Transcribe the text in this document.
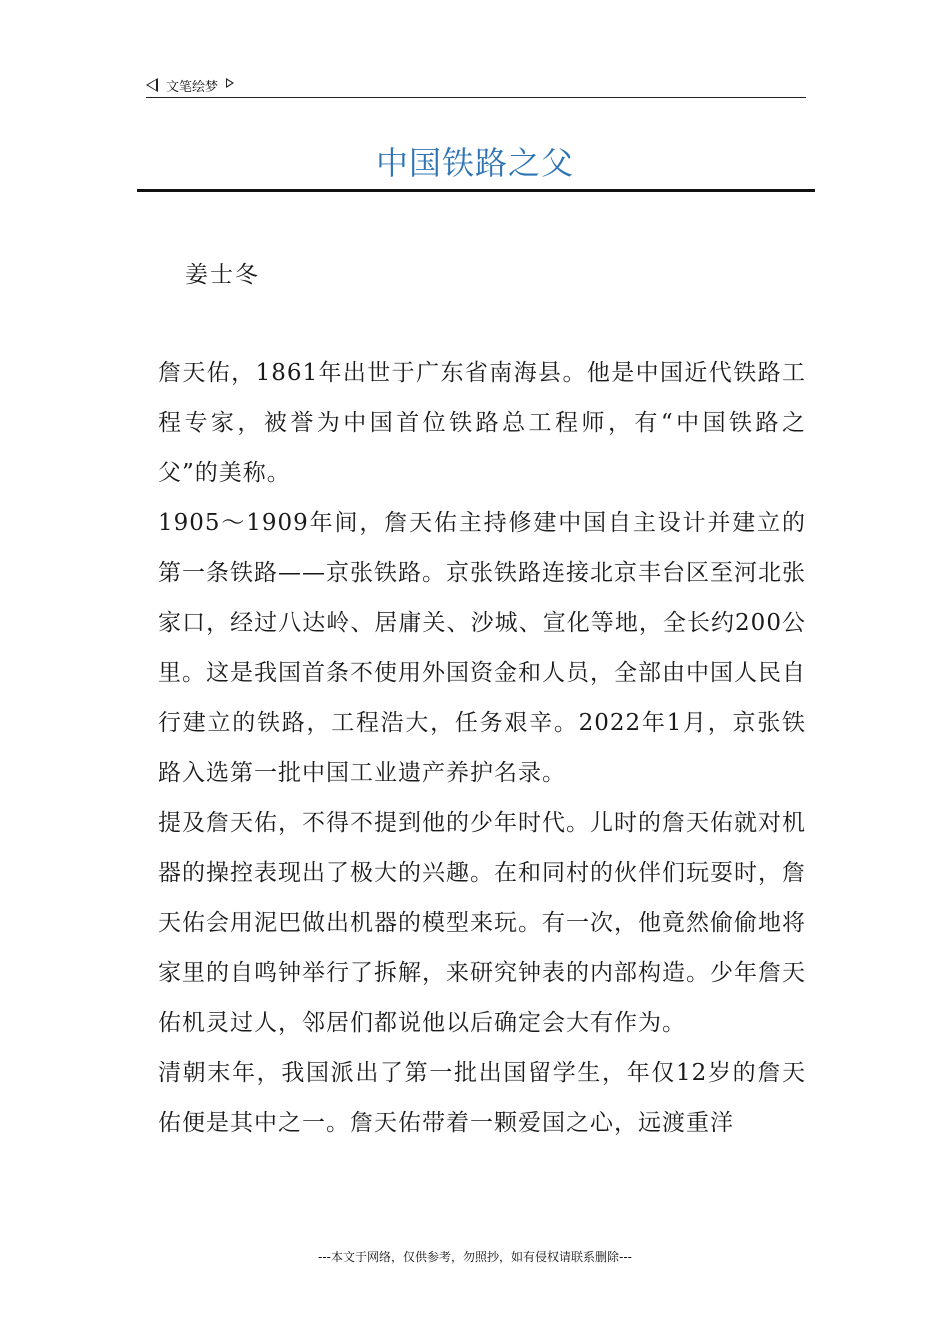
文笔绘梦
中国铁路之父
姜士冬

詹天佑，1861年出世于广东省南海县。他是中国近代铁路工程专家，被誉为中国首位铁路总工程师，有“中国铁路之父”的美称。

1905～1909年间，詹天佑主持修建中国自主设计并建立的第一条铁路——京张铁路。京张铁路连接北京丰台区至河北张家口，经过八达岭、居庸关、沙城、宣化等地，全长约200公里。这是我国首条不使用外国资金和人员，全部由中国人民自行建立的铁路，工程浩大，任务艰辛。2022年1月，京张铁路入选第一批中国工业遗产养护名录。

提及詹天佑，不得不提到他的少年时代。儿时的詹天佑就对机器的操控表现出了极大的兴趣。在和同村的伙伴们玩耍时，詹天佑会用泥巴做出机器的模型来玩。有一次，他竟然偷偷地将家里的自鸣钟举行了拆解，来研究钟表的内部构造。少年詹天佑机灵过人，邻居们都说他以后确定会大有作为。

清朝末年，我国派出了第一批出国留学生，年仅12岁的詹天佑便是其中之一。詹天佑带着一颗爱国之心，远渡重洋

---本文于网络，仅供参考，勿照抄，如有侵权请联系删除---
